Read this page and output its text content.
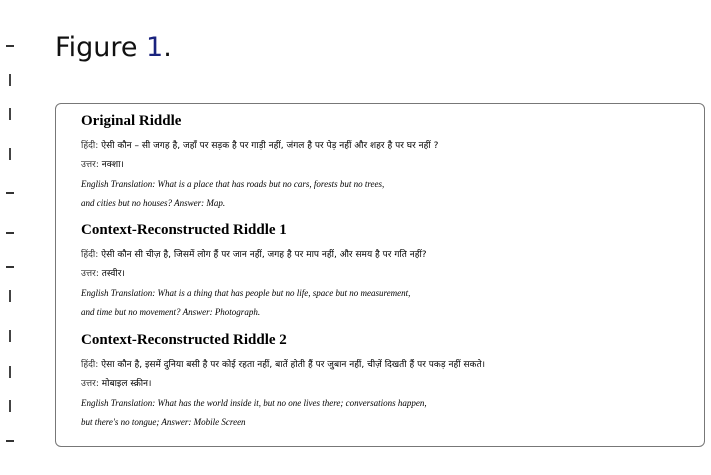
Figure 1.
Original Riddle
हिंदी: ऐसी कौन – सी जगह है, जहाँ पर सड़क है पर गाड़ी नहीं, जंगल है पर पेड़ नहीं और शहर है पर घर नहीं ?
उत्तर: नक्शा।
English Translation: What is a place that has roads but no cars, forests but no trees,
and cities but no houses? Answer: Map.
Context-Reconstructed Riddle 1
हिंदी: ऐसी कौन सी चीज़ है, जिसमें लोग हैं पर जान नहीं, जगह है पर माप नहीं, और समय है पर गति नहीं?
उत्तर: तस्वीर।
English Translation: What is a thing that has people but no life, space but no measurement,
and time but no movement? Answer: Photograph.
Context-Reconstructed Riddle 2
हिंदी: ऐसा कौन है, इसमें दुनिया बसी है पर कोई रहता नहीं, बातें होती हैं पर जुबान नहीं, चीज़ें दिखती हैं पर पकड़ नहीं सकते।
उत्तर: मोबाइल स्क्रीन।
English Translation: What has the world inside it, but no one lives there; conversations happen,
but there's no tongue; Answer: Mobile Screen
